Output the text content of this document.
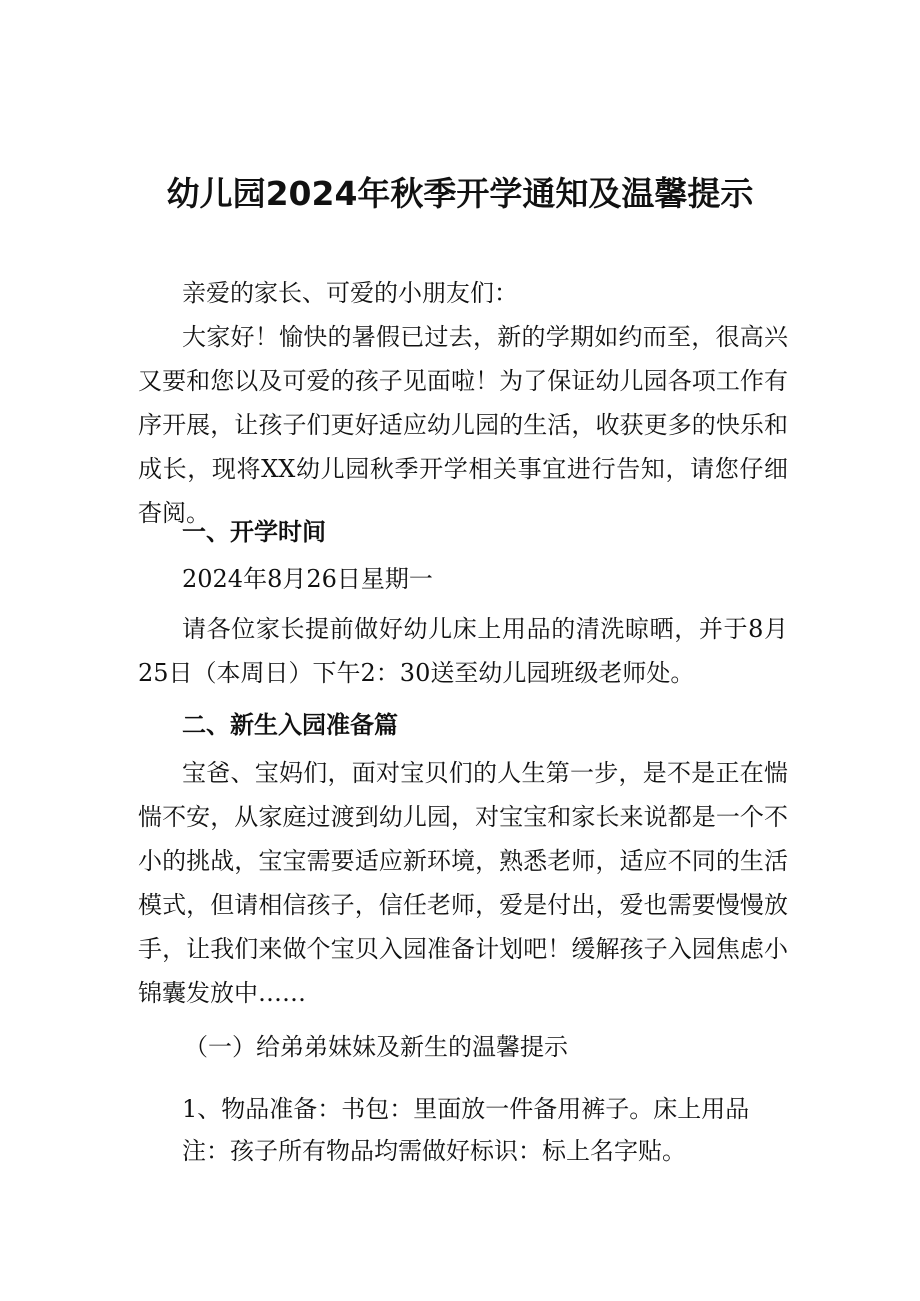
幼儿园2024年秋季开学通知及温馨提示

亲爱的家长、可爱的小朋友们：

大家好！愉快的暑假已过去，新的学期如约而至，很高兴又要和您以及可爱的孩子见面啦！为了保证幼儿园各项工作有序开展，让孩子们更好适应幼儿园的生活，收获更多的快乐和成长，现将XX幼儿园秋季开学相关事宜进行告知，请您仔细杳阅。

一、开学时间
2024年8月26日星期一

请各位家长提前做好幼儿床上用品的清洗晾晒，并于8月25日（本周日）下午2：30送至幼儿园班级老师处。

二、新生入园准备篇

宝爸、宝妈们，面对宝贝们的人生第一步，是不是正在惴惴不安，从家庭过渡到幼儿园，对宝宝和家长来说都是一个不小的挑战，宝宝需要适应新环境，熟悉老师，适应不同的生活模式，但请相信孩子，信任老师，爱是付出，爱也需要慢慢放手，让我们来做个宝贝入园准备计划吧！缓解孩子入园焦虑小锦囊发放中……

（一）给弟弟妹妹及新生的温馨提示
1、物品准备：书包：里面放一件备用裤子。床上用品
注：孩子所有物品均需做好标识：标上名字贴。
